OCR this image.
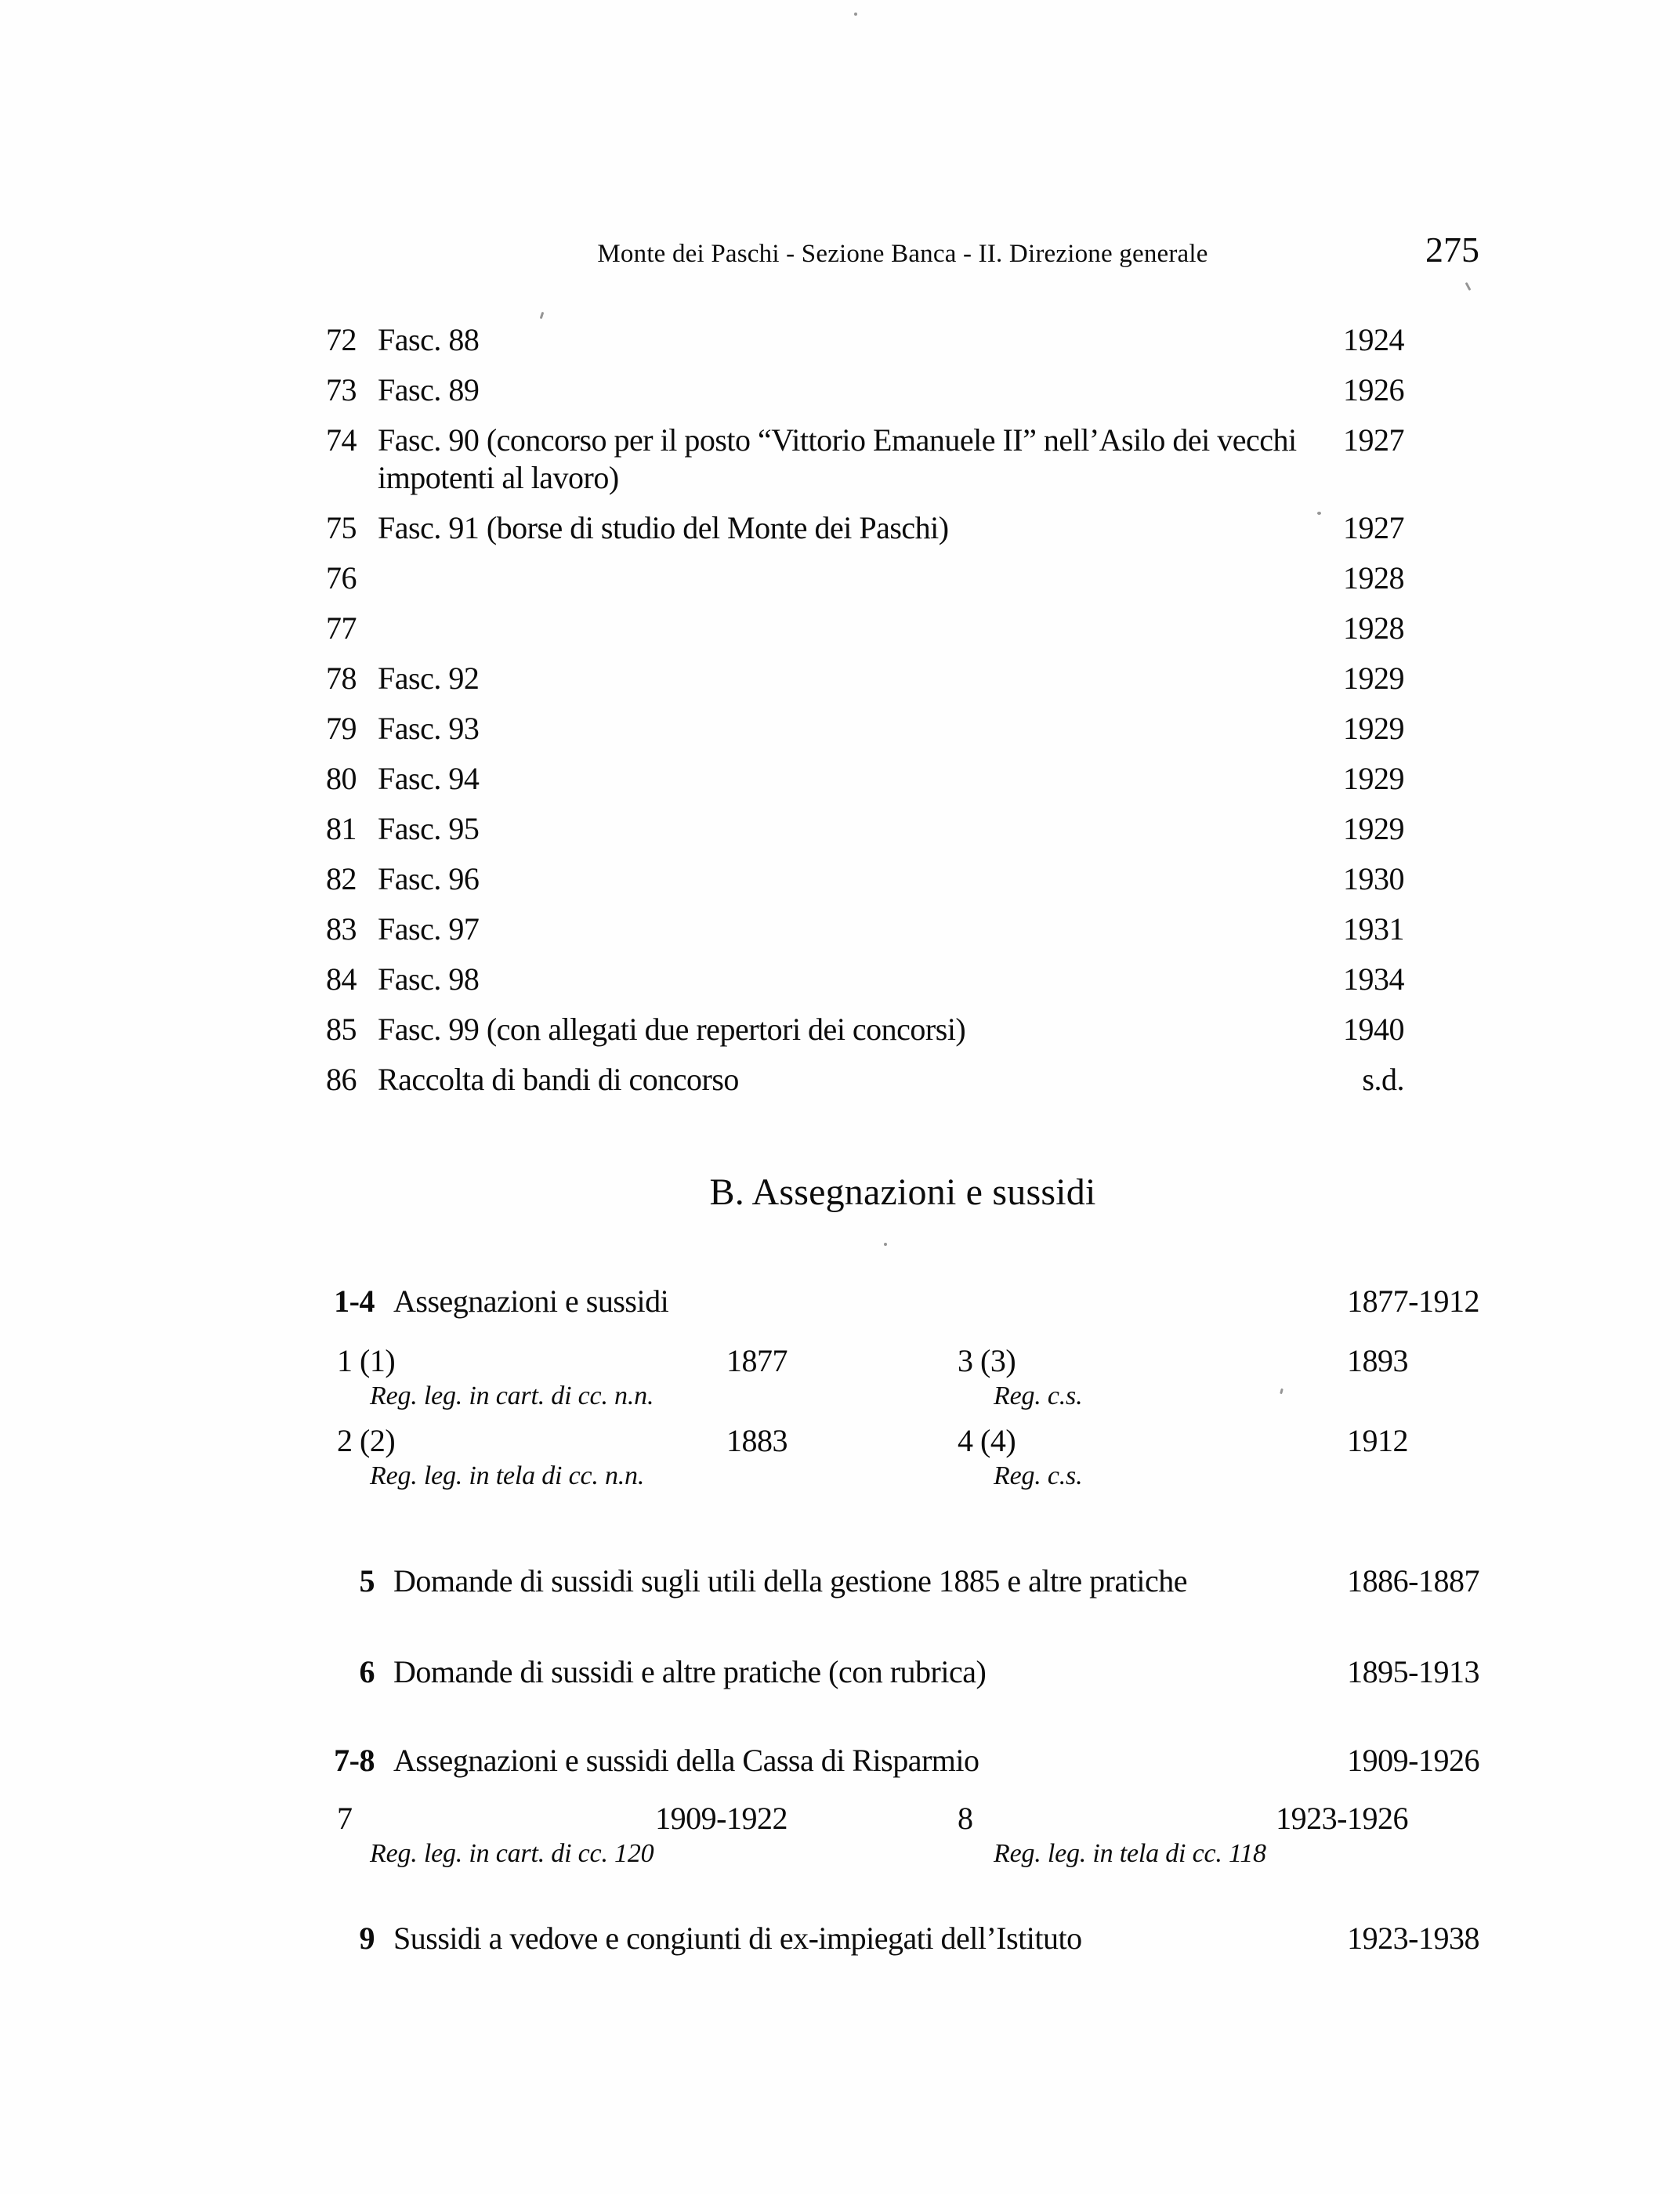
Monte dei Paschi - Sezione Banca - II. Direzione generale	275
72 Fasc. 88	1924
73 Fasc. 89	1926
74 Fasc. 90 (concorso per il posto “Vittorio Emanuele II” nell’Asilo dei vecchi impotenti al lavoro)
1927
75 Fasc. 91 (borse di studio del Monte dei Paschi)	1927
76	1928
77	1928
78 Fasc. 92	1929
79 Fasc. 93	1929
80 Fasc. 94	1929
81 Fasc. 95	1929
82 Fasc. 96	1930
83 Fasc. 97	1931
84 Fasc. 98	1934
85 Fasc. 99 (con allegati due repertori dei concorsi)	1940
86 Raccolta di bandi di concorso	s.d.
B. Assegnazioni e sussidi
1-4 Assegnazioni e sussidi	1877-1912
1 (1)	1877	3 (3)	1893
Reg. leg. in cart. di cc. n.n.	Reg. c.s.
2 (2)	1883	4 (4)	1912
Reg. leg. in tela di cc. n.n.	Reg. c.s.
5 Domande di sussidi sugli utili della gestione 1885 e altre pratiche	1886-1887
6 Domande di sussidi e altre pratiche (con rubrica)	1895-1913
7-8 Assegnazioni e sussidi della Cassa di Risparmio	1909-1926
7	1909-1922	8	1923-1926
Reg. leg. in cart. di cc. 120	Reg. leg. in tela di cc. 118
9 Sussidi a vedove e congiunti di ex-impiegati dell’Istituto	1923-1938
